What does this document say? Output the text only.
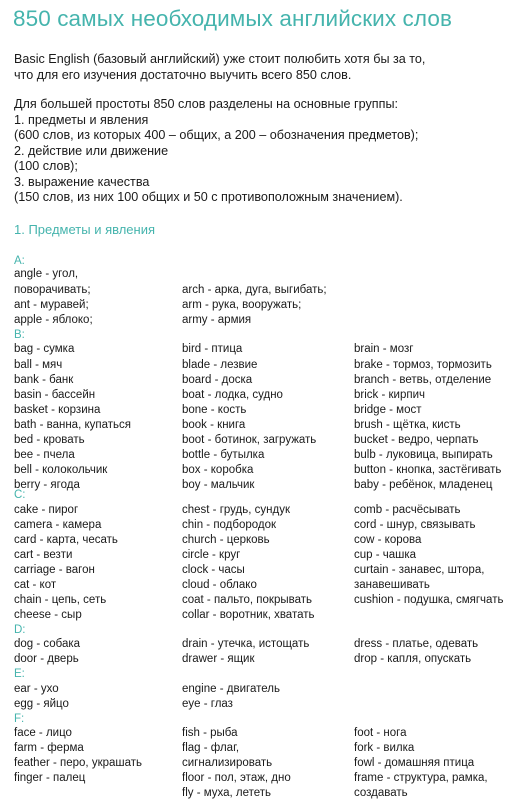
850 самых необходимых английских слов
Basic English (базовый английский) уже стоит полюбить хотя бы за то,
что для его изучения достаточно выучить всего 850 слов.
Для большей простоты 850 слов разделены на основные группы:
1. предметы и явления
(600 слов, из которых 400 – общих, а 200 – обозначения предметов);
2. действие или движение
(100 слов);
3. выражение качества
(150 слов, из них 100 общих и 50 с противоположным значением).
1. Предметы и явления
A:
B:
C:
D:
E:
F:
angle - угол,
поворачивать;
ant - муравей;
apple - яблоко;
bag - сумка
ball - мяч
bank - банк
basin - бассейн
basket - корзина
bath - ванна, купаться
bed - кровать
bee - пчела
bell - колокольчик
berry - ягода
cake - пирог
camera - камера
card - карта, чесать
cart - везти
carriage - вагон
cat - кот
chain - цепь, сеть
cheese - сыр
dog - собака
door - дверь
ear - ухо
egg - яйцо
face - лицо
farm - ферма
feather - перо, украшать
finger - палец
arch - арка, дуга, выгибать;
arm - рука, вооружать;
army - армия
bird - птица
blade - лезвие
board - доска
boat - лодка, судно
bone - кость
book - книга
boot - ботинок, загружать
bottle - бутылка
box - коробка
boy - мальчик
chest - грудь, сундук
chin - подбородок
church - церковь
circle - круг
clock - часы
cloud - облако
coat - пальто, покрывать
collar - воротник, хватать
drain - утечка, истощать
drawer - ящик
engine - двигатель
eye - глаз
fish - рыба
flag - флаг,
сигнализировать
floor - пол, этаж, дно
fly - муха, лететь
brain - мозг
brake - тормоз, тормозить
branch - ветвь, отделение
brick - кирпич
bridge - мост
brush - щётка, кисть
bucket - ведро, черпать
bulb - луковица, выпирать
button - кнопка, застёгивать
baby - ребёнок, младенец
comb - расчёсывать
cord - шнур, связывать
cow - корова
cup - чашка
curtain - занавес, штора,
занавешивать
cushion - подушка, смягчать
dress - платье, одевать
drop - капля, опускать
foot - нога
fork - вилка
fowl - домашняя птица
frame - структура, рамка,
создавать
